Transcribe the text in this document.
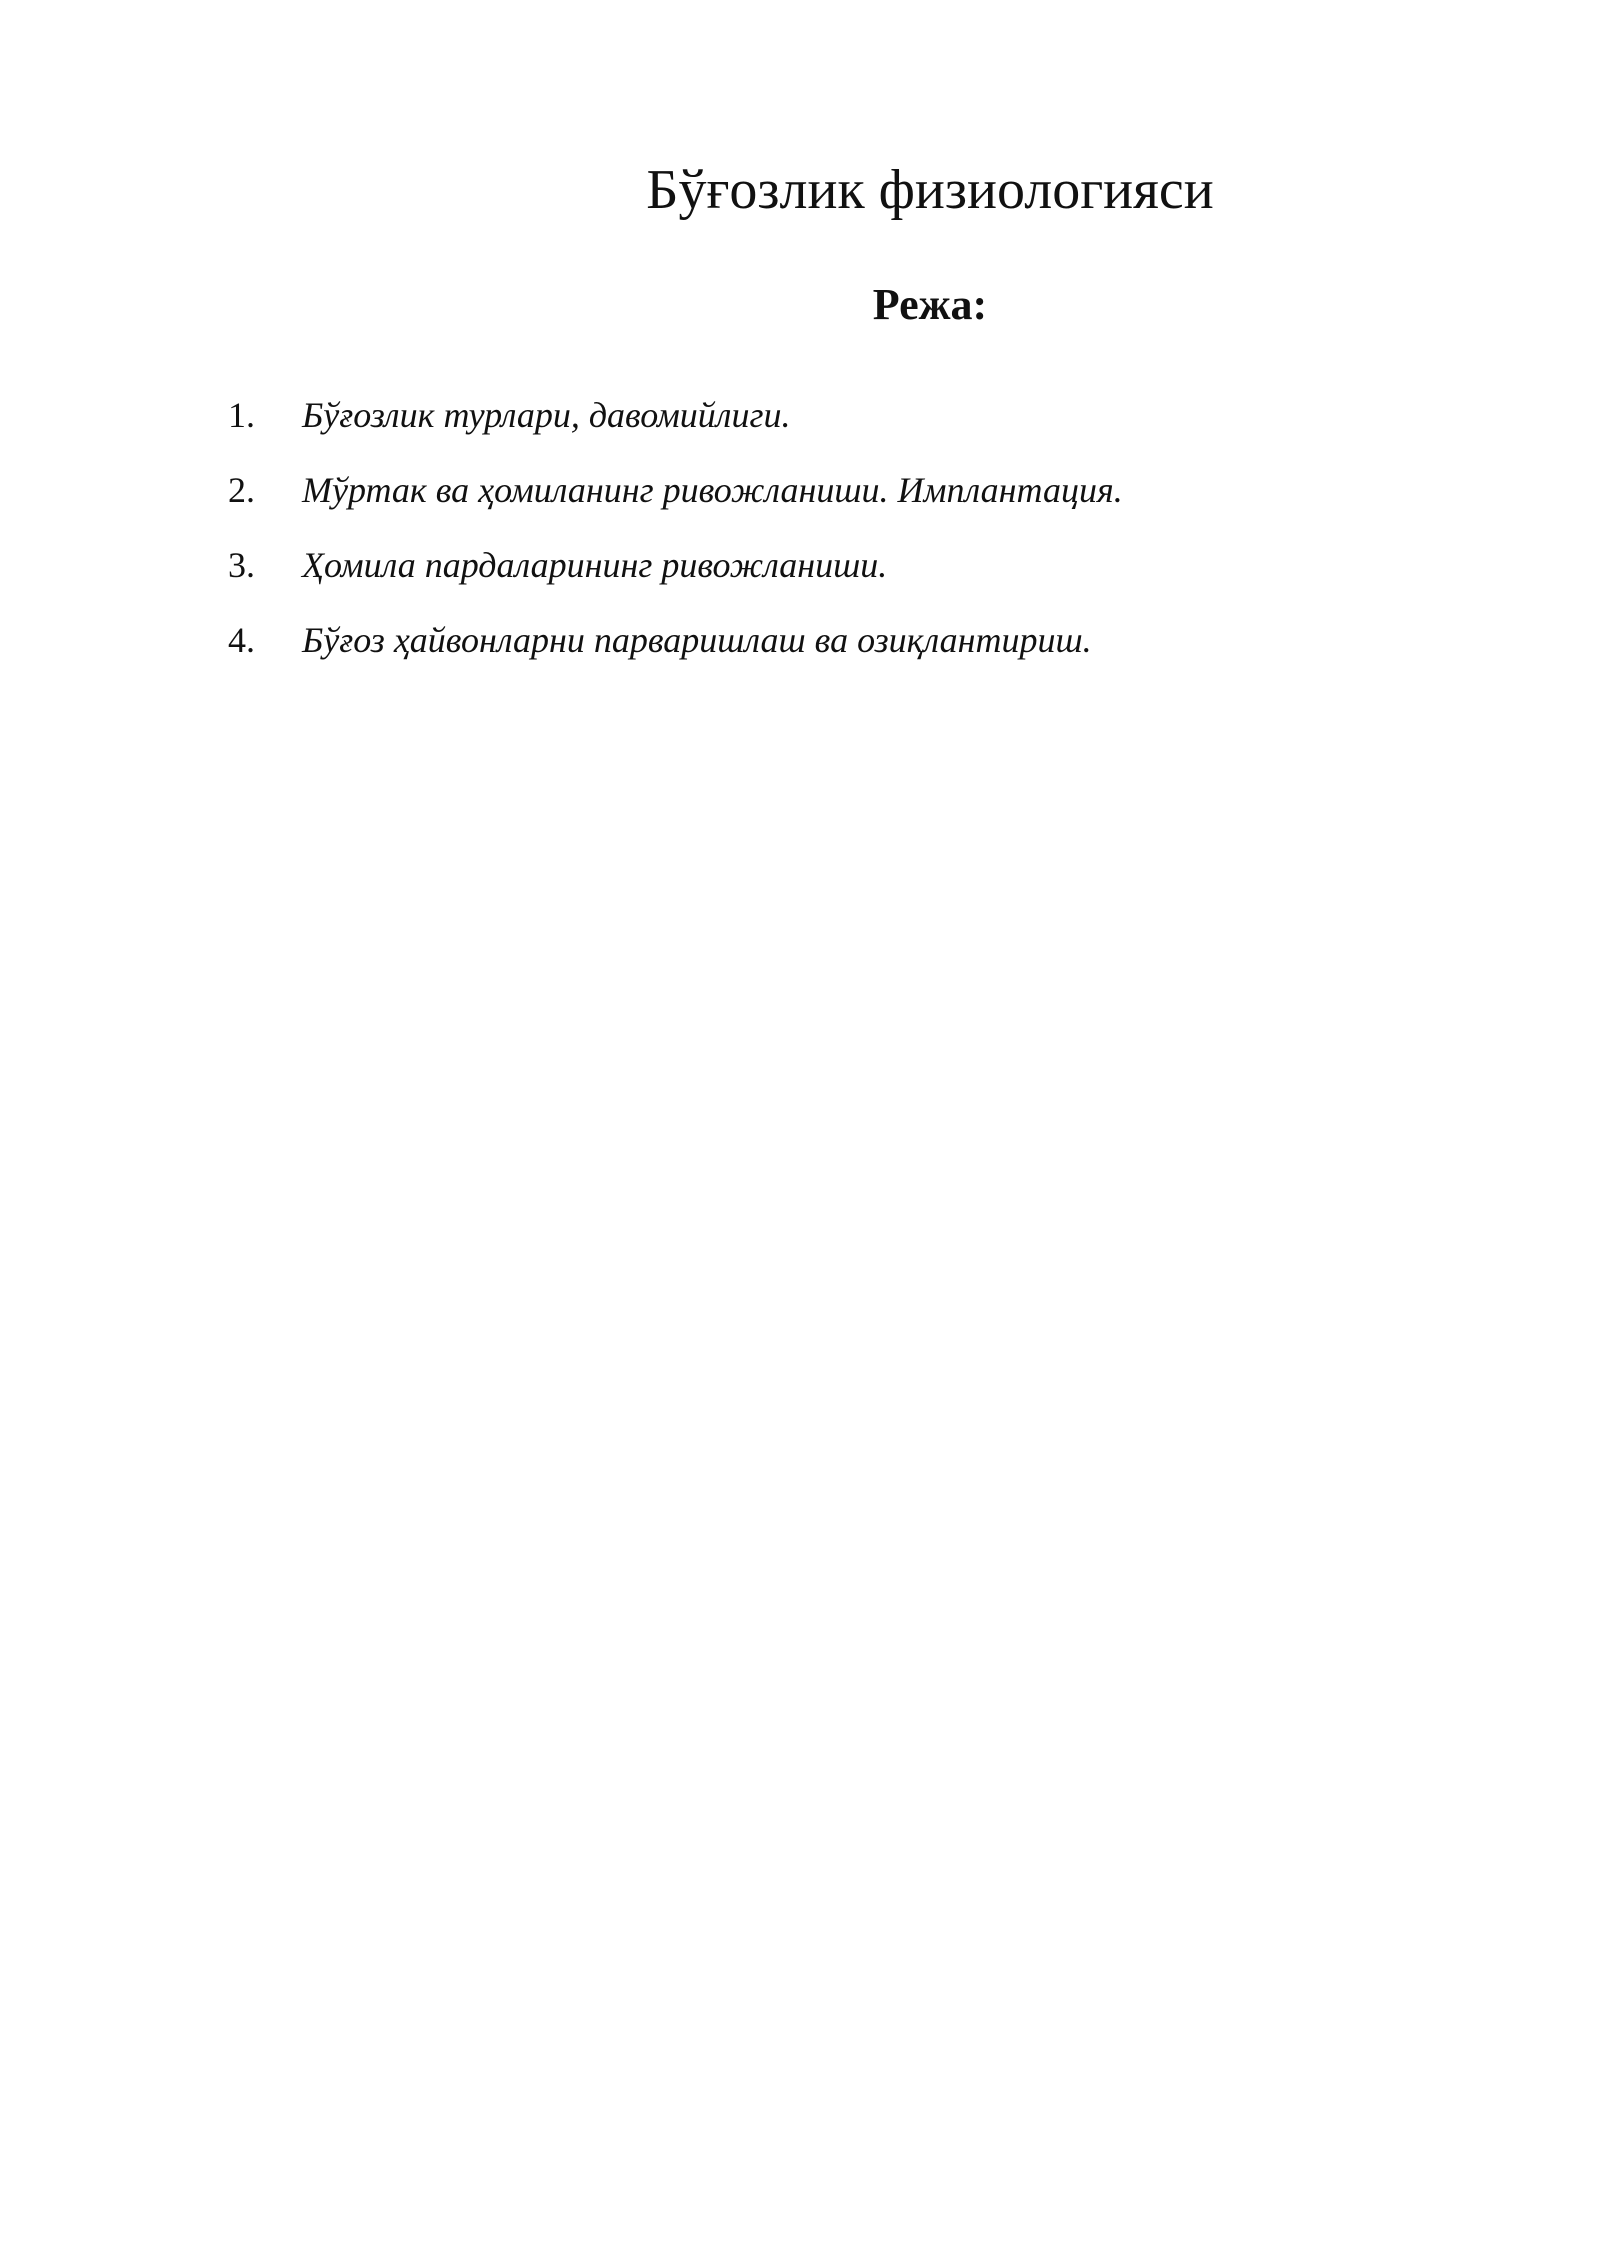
Бўғозлик физиологияси
Режа:
1.	Бўғозлик турлари, давомийлиги.
2.	Мўртак ва ҳомиланинг ривожланиши. Имплантация.
3.	Ҳомила пардаларининг ривожланиши.
4.	Бўғоз ҳайвонларни парваришлаш ва озиқлантириш.
